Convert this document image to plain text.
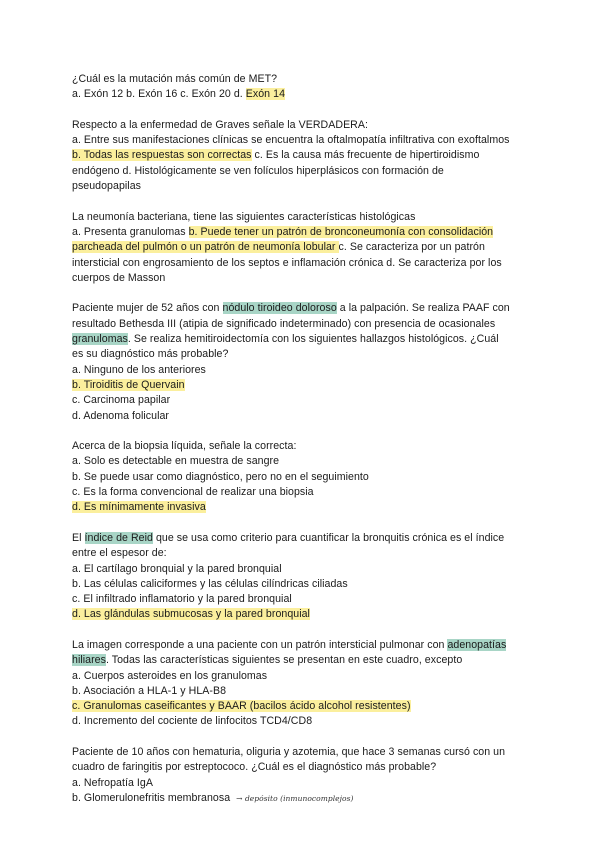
¿Cuál es la mutación más común de MET?

a. Exón 12 b. Exón 16 c. Exón 20 d. Exón 14

Respecto a la enfermedad de Graves señale la VERDADERA:

a. Entre sus manifestaciones clínicas se encuentra la oftalmopatía infiltrativa con exoftalmos

b. Todas las respuestas son correctas c. Es la causa más frecuente de hipertiroidismo

endógeno d. Histológicamente se ven folículos hiperplásicos con formación de

pseudopapilas

La neumonía bacteriana, tiene las siguientes características histológicas

a. Presenta granulomas b. Puede tener un patrón de bronconeumonía con consolidación

parcheada del pulmón o un patrón de neumonía lobular c. Se caracteriza por un patrón

intersticial con engrosamiento de los septos e inflamación crónica d. Se caracteriza por los

cuerpos de Masson

Paciente mujer de 52 años con nódulo tiroideo doloroso a la palpación. Se realiza PAAF con

resultado Bethesda III (atipia de significado indeterminado) con presencia de ocasionales

granulomas. Se realiza hemitiroidectomía con los siguientes hallazgos histológicos. ¿Cuál

es su diagnóstico más probable?

a. Ninguno de los anteriores

b. Tiroiditis de Quervain

c. Carcinoma papilar

d. Adenoma folicular

Acerca de la biopsia líquida, señale la correcta:

a. Solo es detectable en muestra de sangre

b. Se puede usar como diagnóstico, pero no en el seguimiento

c. Es la forma convencional de realizar una biopsia

d. Es mínimamente invasiva

El índice de Reid que se usa como criterio para cuantificar la bronquitis crónica es el índice

entre el espesor de:

a. El cartílago bronquial y la pared bronquial

b. Las células caliciformes y las células cilíndricas ciliadas

c. El infiltrado inflamatorio y la pared bronquial

d. Las glándulas submucosas y la pared bronquial

La imagen corresponde a una paciente con un patrón intersticial pulmonar con adenopatías

hiliares. Todas las características siguientes se presentan en este cuadro, excepto

a. Cuerpos asteroides en los granulomas

b. Asociación a HLA-1 y HLA-B8

c. Granulomas caseificantes y BAAR (bacilos ácido alcohol resistentes)

d. Incremento del cociente de linfocitos TCD4/CD8

Paciente de 10 años con hematuria, oliguria y azotemia, que hace 3 semanas cursó con un

cuadro de faringitis por estreptococo. ¿Cuál es el diagnóstico más probable?

a. Nefropatía IgA

b. Glomerulonefritis membranosa → depósito (inmunocomplejos)
